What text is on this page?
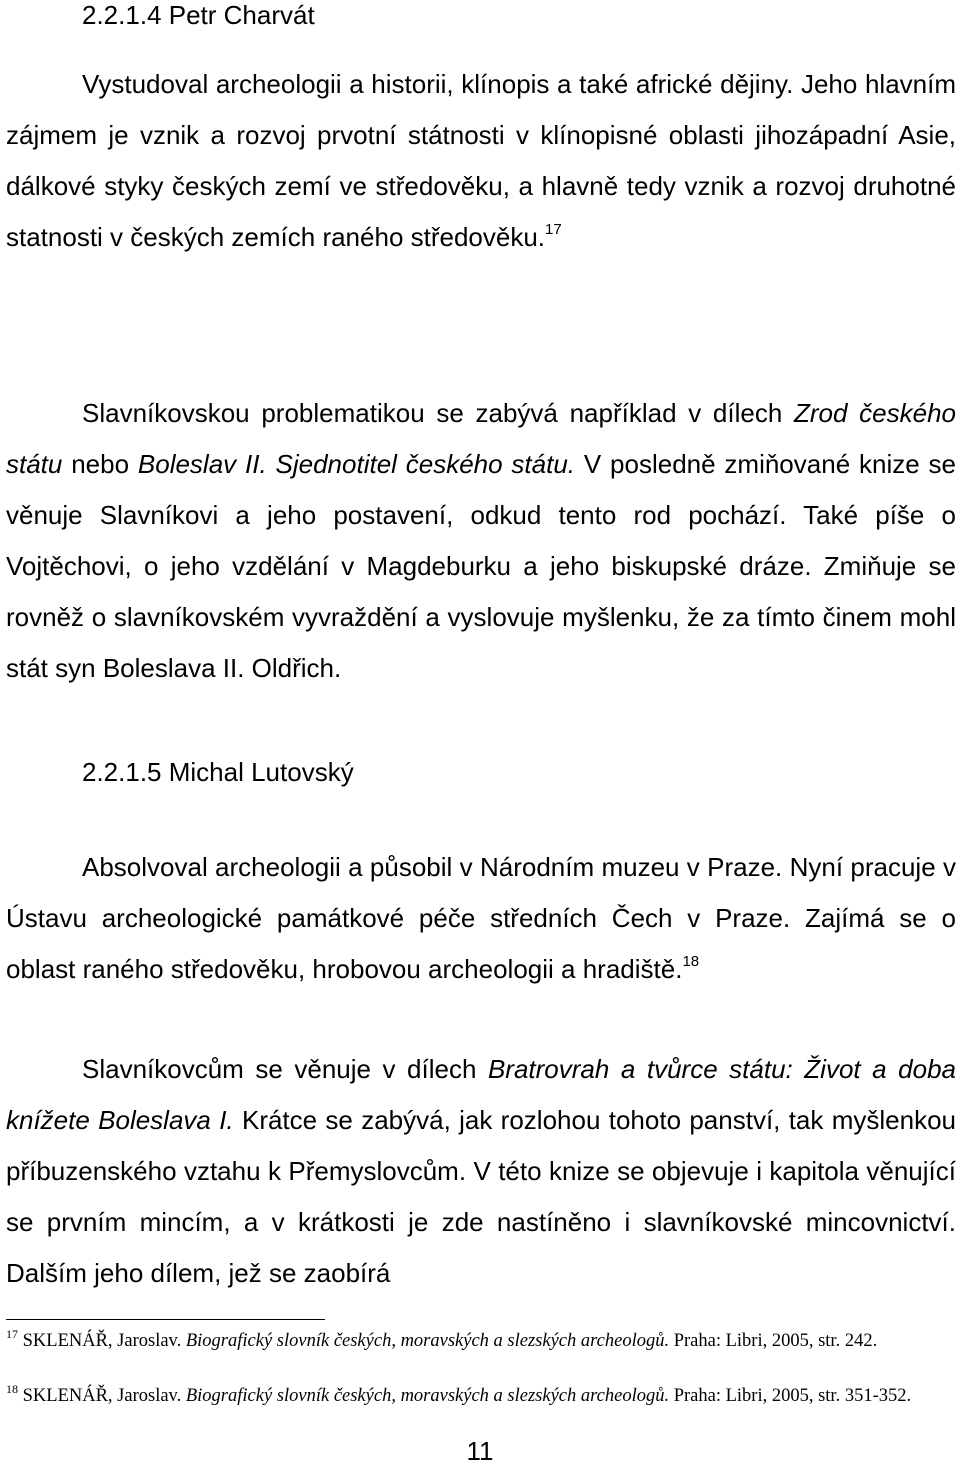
2.2.1.4 Petr Charvát

Vystudoval archeologii a historii, klínopis a také africké dějiny. Jeho hlavním zájmem je vznik a rozvoj prvotní státnosti v klínopisné oblasti jihozápadní Asie, dálkové styky českých zemí ve středověku, a hlavně tedy vznik a rozvoj druhotné statnosti v českých zemích raného středověku.$^{17}$

Slavníkovskou problematikou se zabývá například v dílech Zrod českého státu nebo Boleslav II. Sjednotitel českého státu. V posledně zmiňované knize se věnuje Slavníkovi a jeho postavení, odkud tento rod pochází. Také píše o Vojtěchovi, o jeho vzdělání v Magdeburku a jeho biskupské dráze. Zmiňuje se rovněž o slavníkovském vyvraždění a vyslovuje myšlenku, že za tímto činem mohl stát syn Boleslava II. Oldřich.

2.2.1.5 Michal Lutovský

Absolvoval archeologii a působil v Národním muzeu v Praze. Nyní pracuje v Ústavu archeologické památkové péče středních Čech v Praze. Zajímá se o oblast raného středověku, hrobovou archeologii a hradiště.$^{18}$

Slavníkovcům se věnuje v dílech Bratrovrah a tvůrce státu: Život a doba knížete Boleslava I. Krátce se zabývá, jak rozlohou tohoto panství, tak myšlenkou příbuzenského vztahu k Přemyslovcům. V této knize se objevuje i kapitola věnující se prvním mincím, a v krátkosti je zde nastíněno i slavníkovské mincovnictví. Dalším jeho dílem, jež se zaobírá

$^{17}$ SKLENÁŘ, Jaroslav. Biografický slovník českých, moravských a slezských archeologů. Praha: Libri, 2005, str. 242.
$^{18}$ SKLENÁŘ, Jaroslav. Biografický slovník českých, moravských a slezských archeologů. Praha: Libri, 2005, str. 351-352.
11
